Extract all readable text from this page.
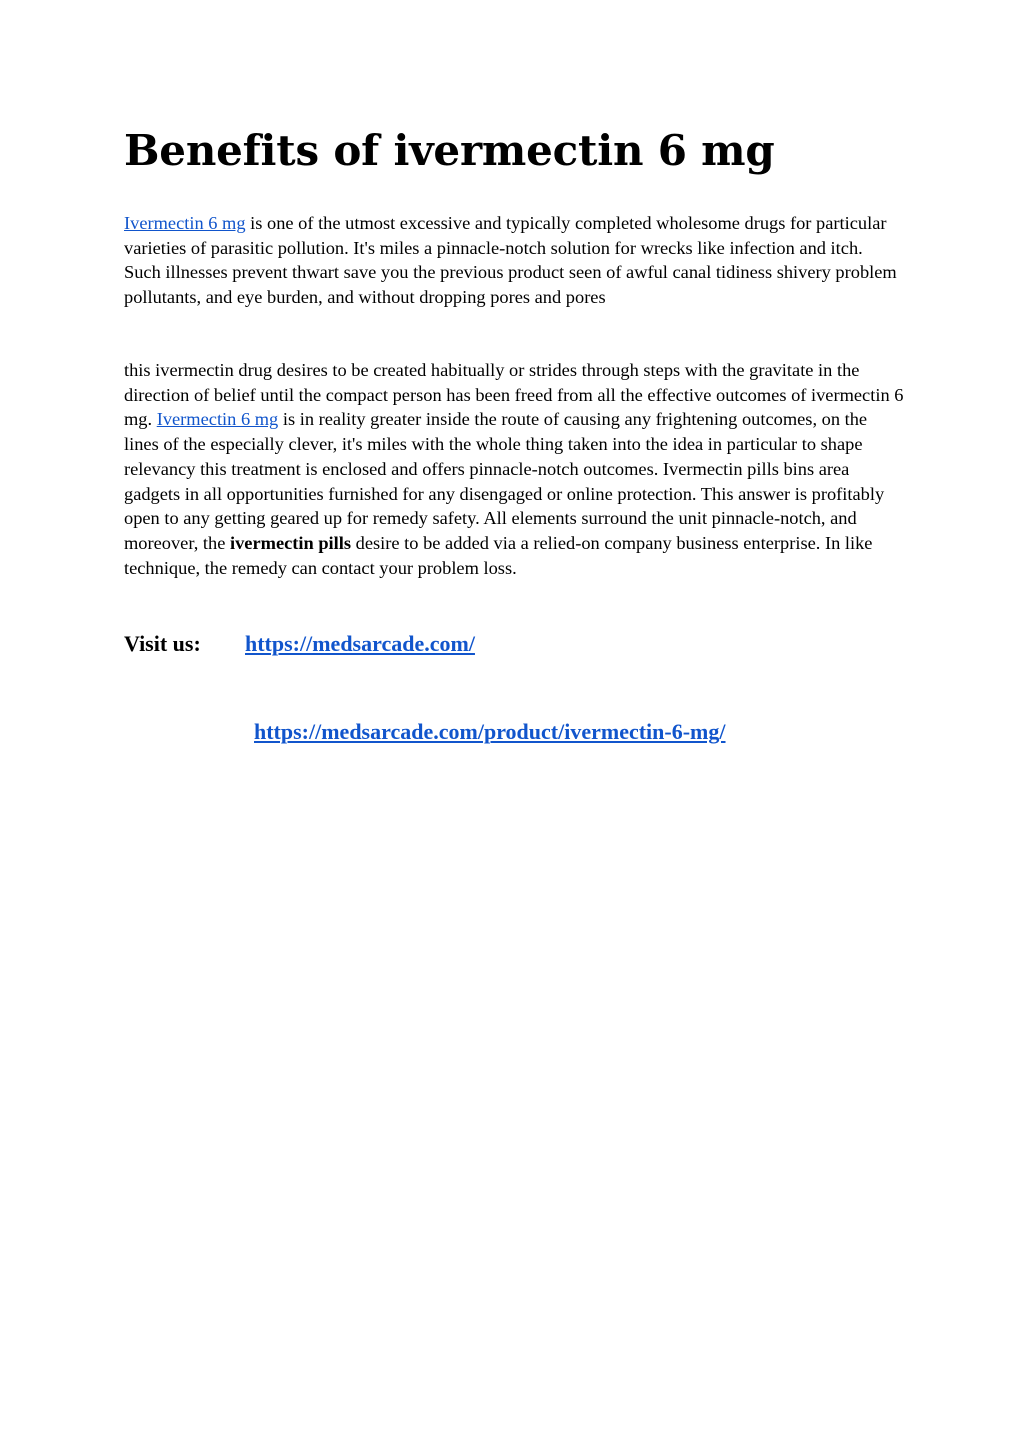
Benefits of ivermectin 6 mg

Ivermectin 6 mg is one of the utmost excessive and typically completed wholesome drugs for particular varieties of parasitic pollution. It's miles a pinnacle-notch solution for wrecks like infection and itch. Such illnesses prevent thwart save you the previous product seen of awful canal tidiness shivery problem pollutants, and eye burden, and without dropping pores and pores

this ivermectin drug desires to be created habitually or strides through steps with the gravitate in the direction of belief until the compact person has been freed from all the effective outcomes of ivermectin 6 mg. Ivermectin 6 mg is in reality greater inside the route of causing any frightening outcomes, on the lines of the especially clever, it's miles with the whole thing taken into the idea in particular to shape relevancy this treatment is enclosed and offers pinnacle-notch outcomes. Ivermectin pills bins area gadgets in all opportunities furnished for any disengaged or online protection. This answer is profitably open to any getting geared up for remedy safety. All elements surround the unit pinnacle-notch, and moreover, the ivermectin pills desire to be added via a relied-on company business enterprise. In like technique, the remedy can contact your problem loss.

Visit us: https://medsarcade.com/
https://medsarcade.com/product/ivermectin-6-mg/
